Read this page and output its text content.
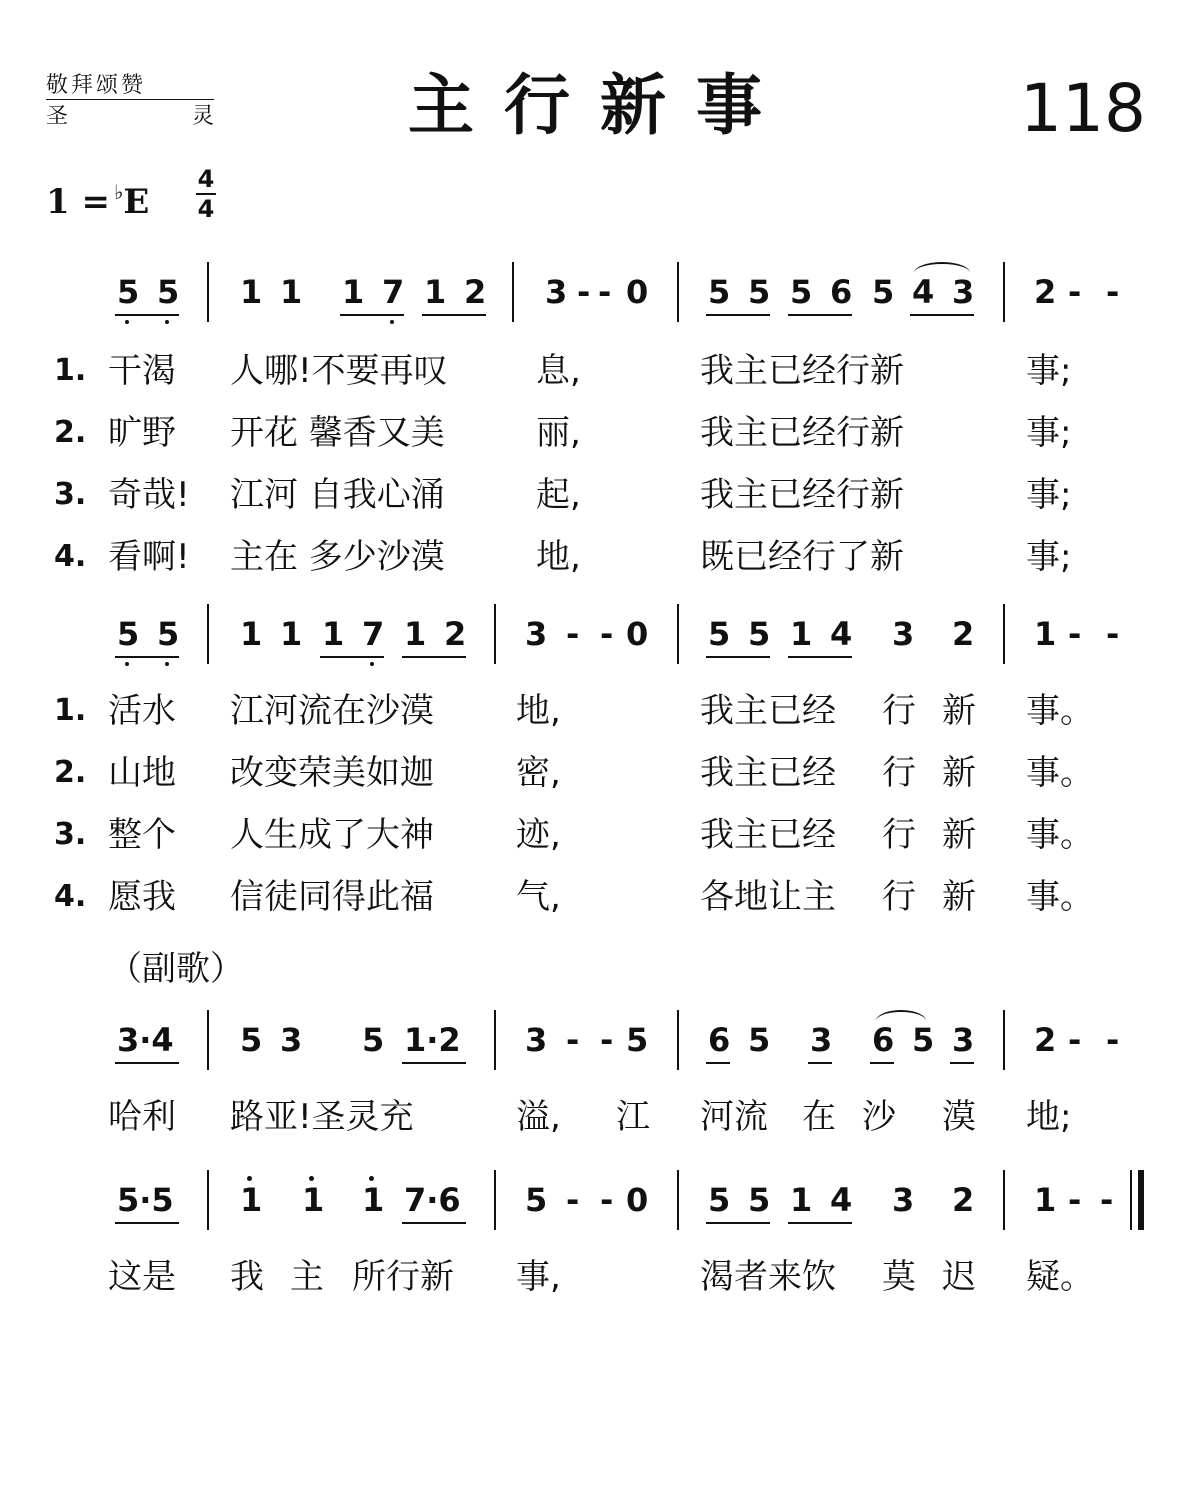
敬拜颂赞
圣	灵	主行新事	118
1 = ♭E
4
4
5 5 1 1 1 7 1 2 3 - - 0 5 5 5 6 5 4 3 2 - -
1. 干渴 人哪!不要再叹	息,	我主已经行新	事;
2. 旷野 开花 馨香又美	丽,	我主已经行新	事;
3. 奇哉! 江河 自我心涌	起,	我主已经行新	事;
4. 看啊! 主在 多少沙漠	地,	既已经行了新	事;
5 5 1 1 1 7 1 2 3 - - 0 5 5 1 4 3 2 1 - -
1. 活水 江河流在沙漠 地,	我主已经 行 新 事。
2. 山地 改变荣美如迦 密,	我主已经 行 新 事。
3. 整个 人生成了大神 迹,	我主已经 行 新 事。
4. 愿我 信徒同得此福 气,	各地让主 行 新 事。
（副歌）
3·4 5 3 5 1·2 3 - - 5 6 5 3 6 5 3 2 - -
哈利 路亚!圣灵充	溢, 江 河流 在 沙 漠 地;
5·5 1 1 1 7·6 5 - - 0 5 5 1 4 3 2 1 - -
这是 我 主 所行新 事,	渴者来饮 莫 迟 疑。
